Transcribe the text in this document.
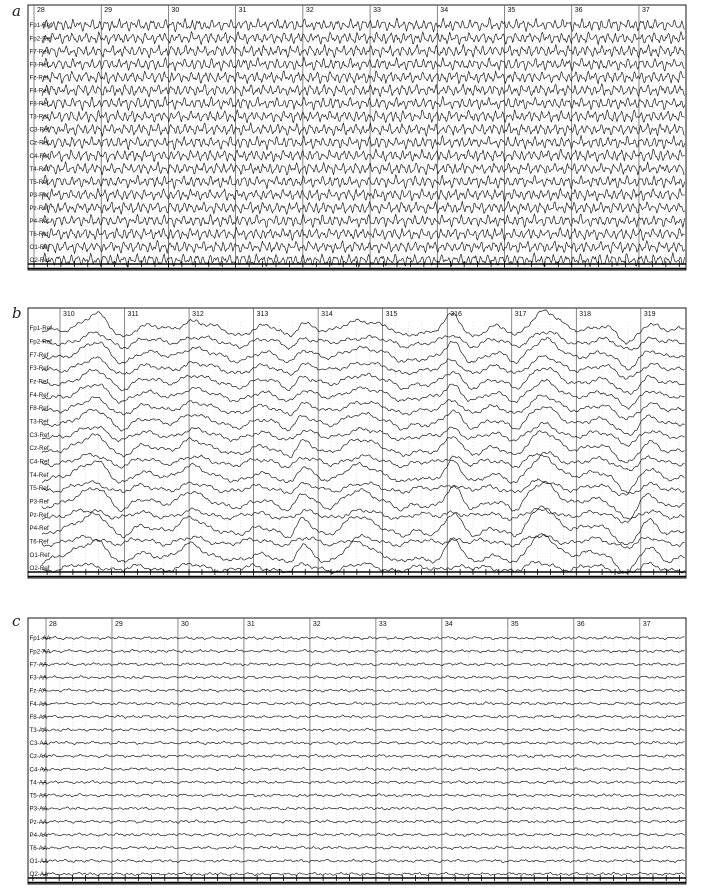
a 28	29	30	31	32	33	34	35	36	37
Fp1-Ref
Fp2-Ref
F7-Ref
F3-Ref
Fz-Ref
F4-Ref
F8-Ref
T3-Ref
C3-Ref
Cz-Ref
C4-Ref
T4-Ref
T5-Ref
P3-Ref
Pz-Ref
P4-Ref
T6-Ref
O1-Ref
O2-Ref
b	310	311	312	313	314	315	316	317	318	319
Fp1-Ref
Fp2-Ref
F7-Ref
F3-Ref
Fz-Ref
F4-Ref
F8-Ref
T3-Ref
C3-Ref
Cz-Ref
C4-Ref
T4-Ref
T5-Ref
P3-Ref
Pz-Ref
P4-Ref
T6-Ref
O1-Ref
O2-Ref
c	28	29	30	31	32	33	34	35	36	37
Fp1-AA
Fp2-AA
F7-AA
F3-AA
Fz-AA
F4-AA
F8-AA
T3-AA
C3-AA
Cz-AA
C4-AA
T4-AA
T5-AA
P3-AA
Pz-AA
P4-AA
T6-AA
O1-AA
O2-AA
